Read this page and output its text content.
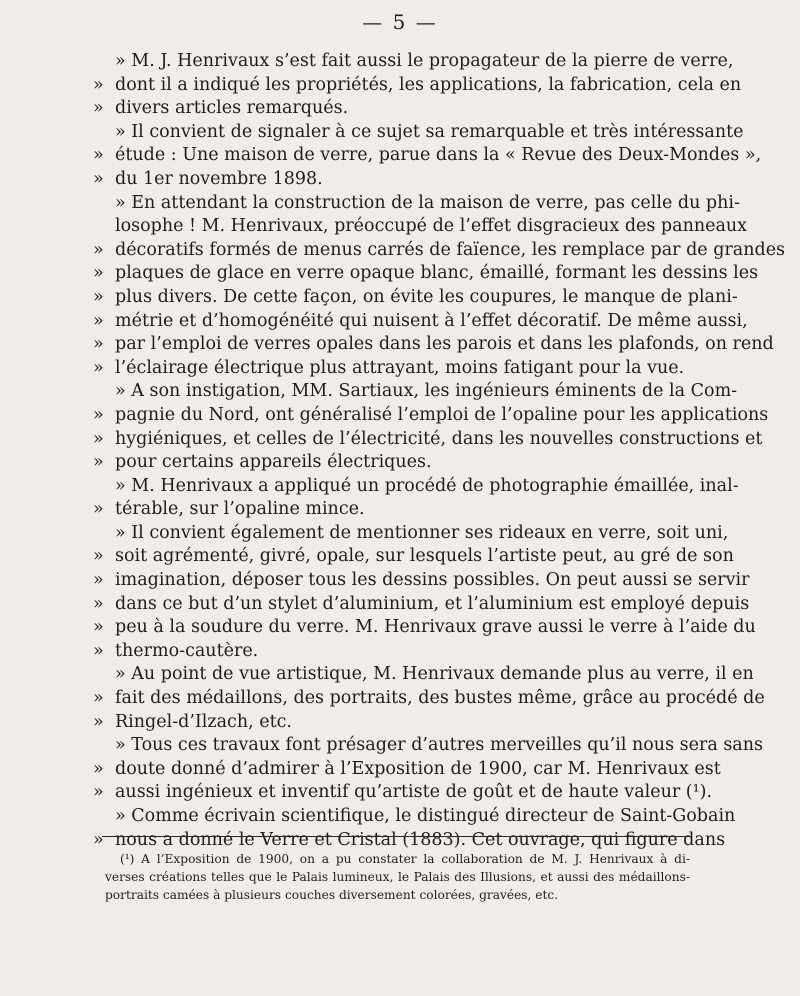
— 5 —
» M. J. Henrivaux s’est fait aussi le propagateur de la pierre de verre,
» dont il a indiqué les propriétés, les applications, la fabrication, cela en
» divers articles remarqués.
» Il convient de signaler à ce sujet sa remarquable et très intéressante
» étude : Une maison de verre, parue dans la « Revue des Deux-Mondes »,
» du 1er novembre 1898.
» En attendant la construction de la maison de verre, pas celle du phi-
losophe ! M. Henrivaux, préoccupé de l’effet disgracieux des panneaux
» décoratifs formés de menus carrés de faïence, les remplace par de grandes
» plaques de glace en verre opaque blanc, émaillé, formant les dessins les
» plus divers. De cette façon, on évite les coupures, le manque de plani-
» métrie et d’homogénéité qui nuisent à l’effet décoratif. De même aussi,
» par l’emploi de verres opales dans les parois et dans les plafonds, on rend
» l’éclairage électrique plus attrayant, moins fatigant pour la vue.
» A son instigation, MM. Sartiaux, les ingénieurs éminents de la Com-
» pagnie du Nord, ont généralisé l’emploi de l’opaline pour les applications
» hygiéniques, et celles de l’électricité, dans les nouvelles constructions et
» pour certains appareils électriques.
» M. Henrivaux a appliqué un procédé de photographie émaillée, inal-
» térable, sur l’opaline mince.
» Il convient également de mentionner ses rideaux en verre, soit uni,
» soit agrémenté, givré, opale, sur lesquels l’artiste peut, au gré de son
» imagination, déposer tous les dessins possibles. On peut aussi se servir
» dans ce but d’un stylet d’aluminium, et l’aluminium est employé depuis
» peu à la soudure du verre. M. Henrivaux grave aussi le verre à l’aide du
» thermo-cautère.
» Au point de vue artistique, M. Henrivaux demande plus au verre, il en
» fait des médaillons, des portraits, des bustes même, grâce au procédé de
» Ringel-d’Ilzach, etc.
» Tous ces travaux font présager d’autres merveilles qu’il nous sera sans
» doute donné d’admirer à l’Exposition de 1900, car M. Henrivaux est
» aussi ingénieux et inventif qu’artiste de goût et de haute valeur (¹).
» Comme écrivain scientifique, le distingué directeur de Saint-Gobain
» nous a donné le Verre et Cristal (1883). Cet ouvrage, qui figure dans
(¹) A l’Exposition de 1900, on a pu constater la collaboration de M. J. Henrivaux à di-
verses créations telles que le Palais lumineux, le Palais des Illusions, et aussi des médaillons-
portraits camées à plusieurs couches diversement colorées, gravées, etc.
